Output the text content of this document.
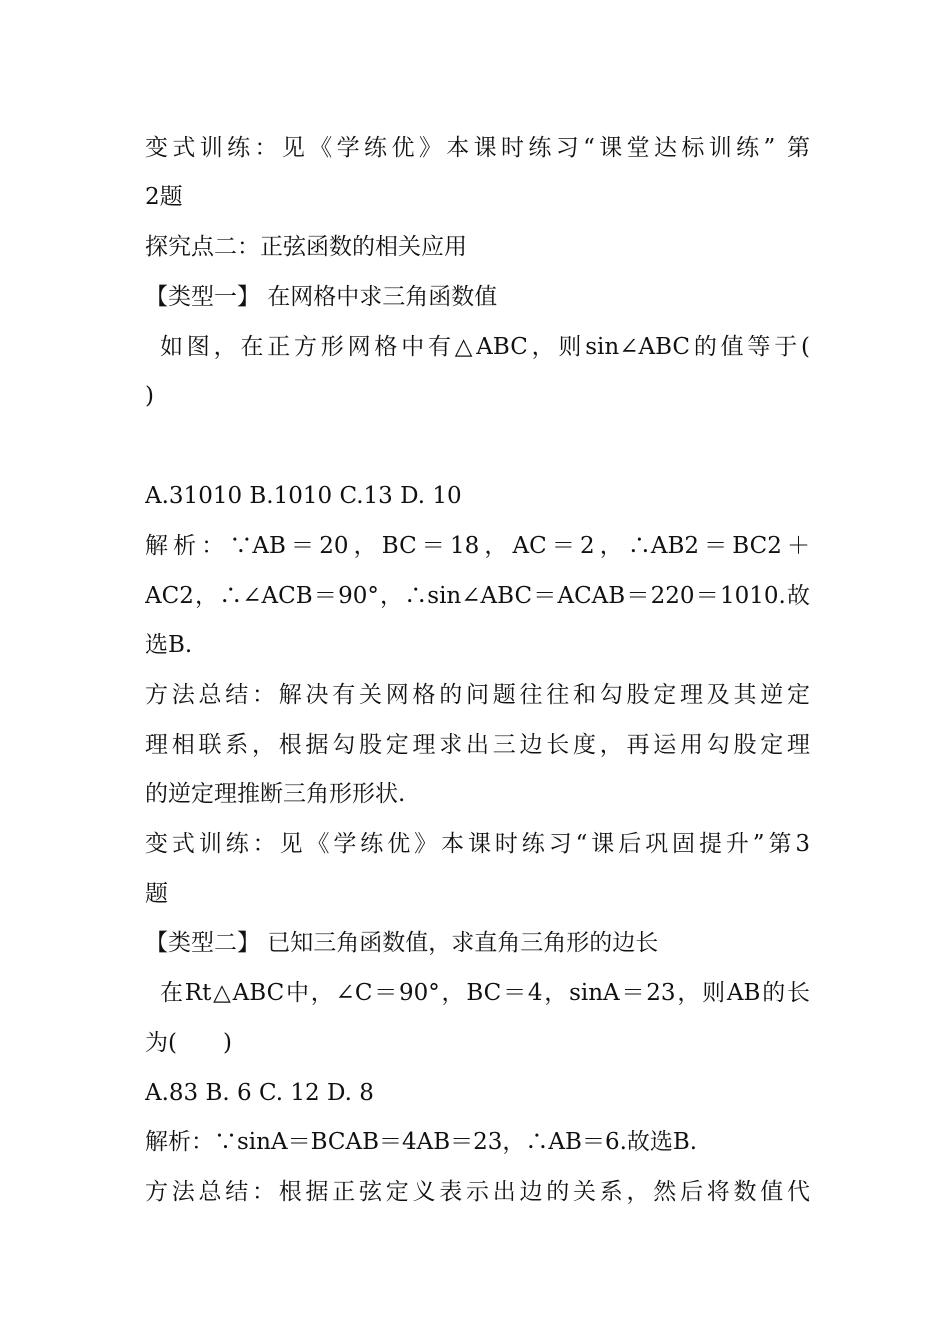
变式训练：见《学练优》本课时练习“课堂达标训练” 第
2题
探究点二：正弦函数的相关应用
【类型一】 在网格中求三角函数值
如图，在正方形网格中有△ABC，则sin∠ABC的值等于(
)
A.31010 B.1010 C.13 D. 10
解析：∵AB＝20，BC＝18，AC＝2，∴AB2＝BC2＋
AC2，∴∠ACB＝90°，∴sin∠ABC＝ACAB＝220＝1010.故
选B.
方法总结：解决有关网格的问题往往和勾股定理及其逆定
理相联系，根据勾股定理求出三边长度，再运用勾股定理
的逆定理推断三角形形状.
变式训练：见《学练优》本课时练习“课后巩固提升”第3
题
【类型二】 已知三角函数值，求直角三角形的边长
在Rt△ABC中，∠C＝90°，BC＝4，sinA＝23，则AB的长
为(　　)
A.83 B. 6 C. 12 D. 8
解析：∵sinA＝BCAB＝4AB＝23，∴AB＝6.故选B.
方法总结：根据正弦定义表示出边的关系，然后将数值代
